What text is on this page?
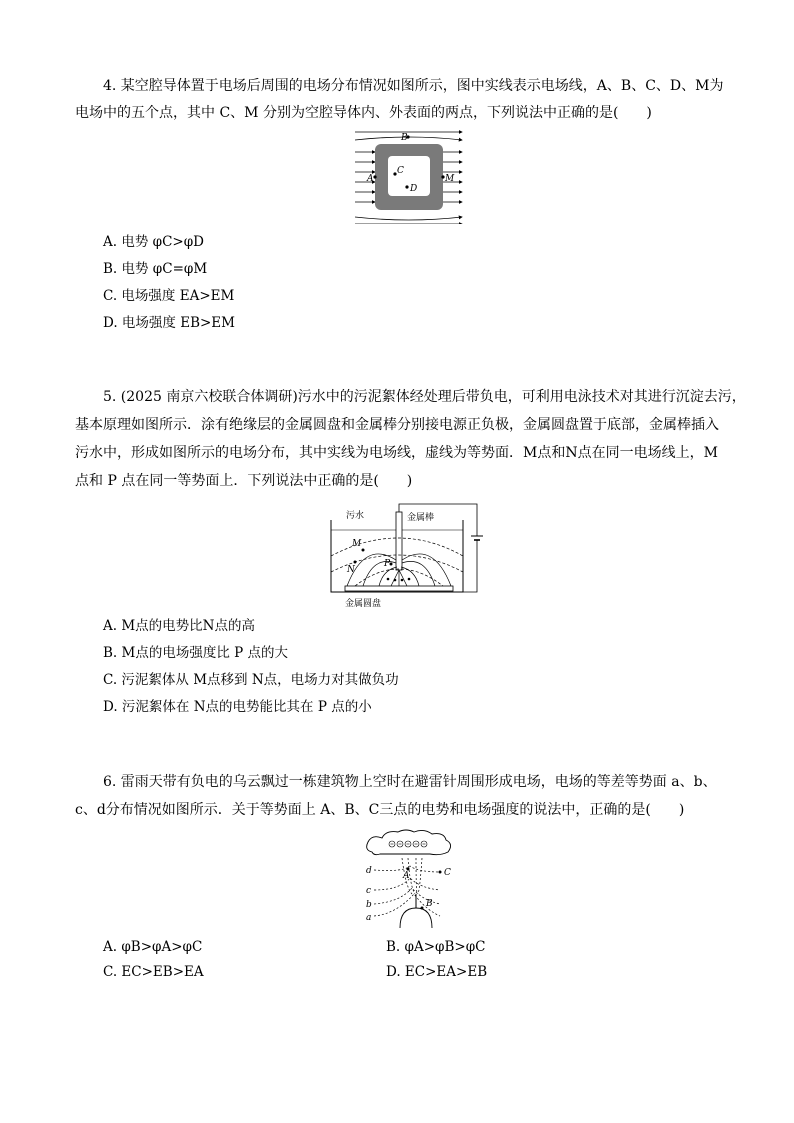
4. 某空腔导体置于电场后周围的电场分布情况如图所示，图中实线表示电场线，A、B、C、D、M为
电场中的五个点，其中 C、M 分别为空腔导体内、外表面的两点，下列说法中正确的是(　　)
B
A	M
C
D
A. 电势 φC>φD
B. 电势 φC=φM
C. 电场强度 EA>EM
D. 电场强度 EB>EM
5. (2025 南京六校联合体调研)污水中的污泥絮体经处理后带负电，可利用电泳技术对其进行沉淀去污，
基本原理如图所示．涂有绝缘层的金属圆盘和金属棒分别接电源正负极，金属圆盘置于底部，金属棒插入
污水中，形成如图所示的电场分布，其中实线为电场线，虚线为等势面．M点和N点在同一电场线上，M
点和 P 点在同一等势面上．下列说法中正确的是(　　)
污水	金属棒
金属圆盘
M
N
P
A. M点的电势比N点的高
B. M点的电场强度比 P 点的大
C. 污泥絮体从 M点移到 N点，电场力对其做负功
D. 污泥絮体在 N点的电势能比其在 P 点的小
6. 雷雨天带有负电的乌云飘过一栋建筑物上空时在避雷针周围形成电场，电场的等差等势面 a、b、
c、d分布情况如图所示．关于等势面上 A、B、C三点的电势和电场强度的说法中，正确的是(　　)
A
B
C
d
c
b
a
A. φB>φA>φC	B. φA>φB>φC
C. EC>EB>EA	D. EC>EA>EB
